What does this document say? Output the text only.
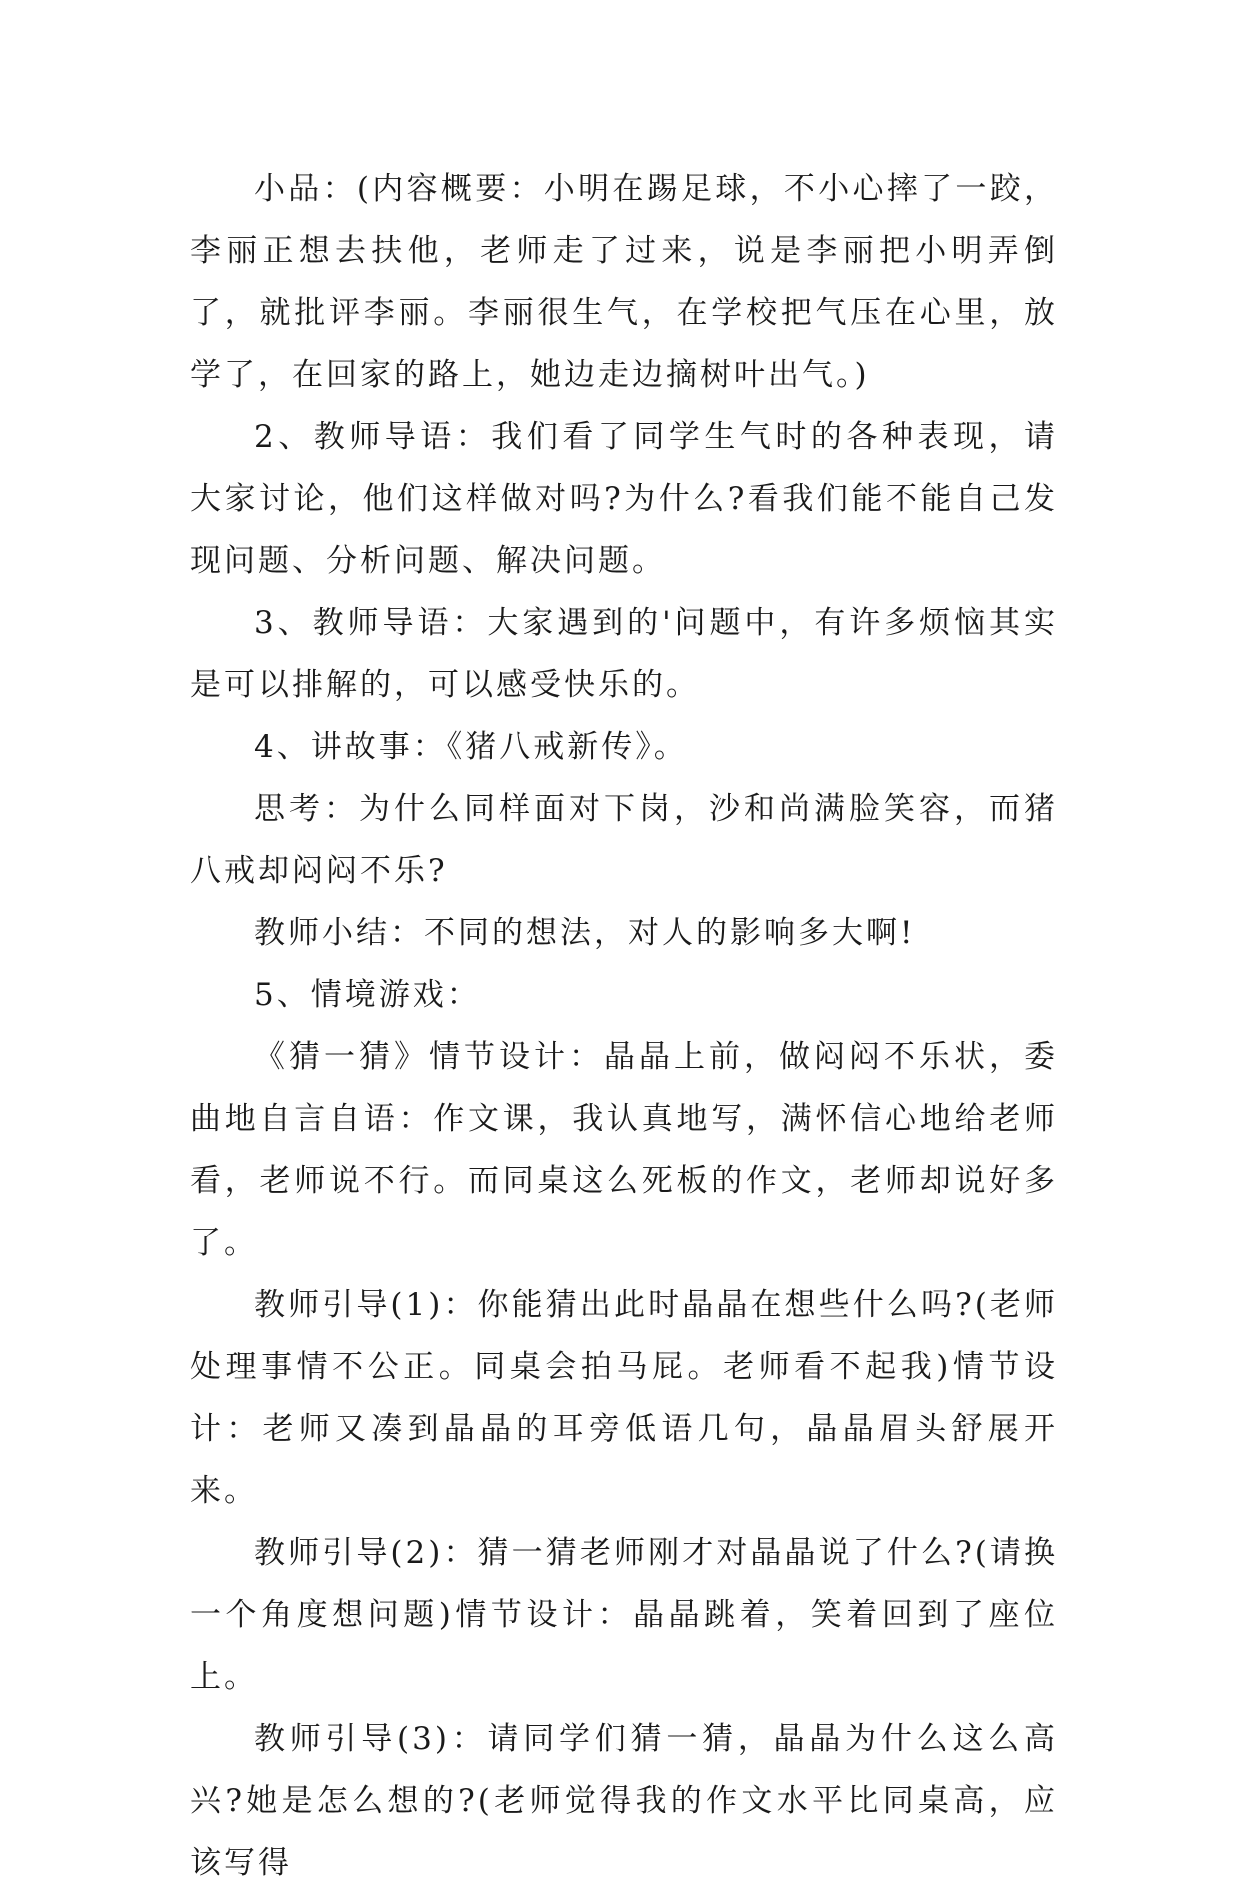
小品：(内容概要：小明在踢足球，不小心摔了一跤，李丽正想去扶他，老师走了过来，说是李丽把小明弄倒了，就批评李丽。李丽很生气，在学校把气压在心里，放学了，在回家的路上，她边走边摘树叶出气。)

2、教师导语：我们看了同学生气时的各种表现，请大家讨论，他们这样做对吗?为什么?看我们能不能自己发现问题、分析问题、解决问题。

3、教师导语：大家遇到的'问题中，有许多烦恼其实是可以排解的，可以感受快乐的。

4、讲故事：《猪八戒新传》。

思考：为什么同样面对下岗，沙和尚满脸笑容，而猪八戒却闷闷不乐?

教师小结：不同的想法，对人的影响多大啊!

5、情境游戏：

《猜一猜》情节设计：晶晶上前，做闷闷不乐状，委曲地自言自语：作文课，我认真地写，满怀信心地给老师看，老师说不行。而同桌这么死板的作文，老师却说好多了。

教师引导(1)：你能猜出此时晶晶在想些什么吗?(老师处理事情不公正。同桌会拍马屁。老师看不起我)情节设计：老师又凑到晶晶的耳旁低语几句，晶晶眉头舒展开来。

教师引导(2)：猜一猜老师刚才对晶晶说了什么?(请换一个角度想问题)情节设计：晶晶跳着，笑着回到了座位上。

教师引导(3)：请同学们猜一猜，晶晶为什么这么高兴?她是怎么想的?(老师觉得我的作文水平比同桌高，应该写得
